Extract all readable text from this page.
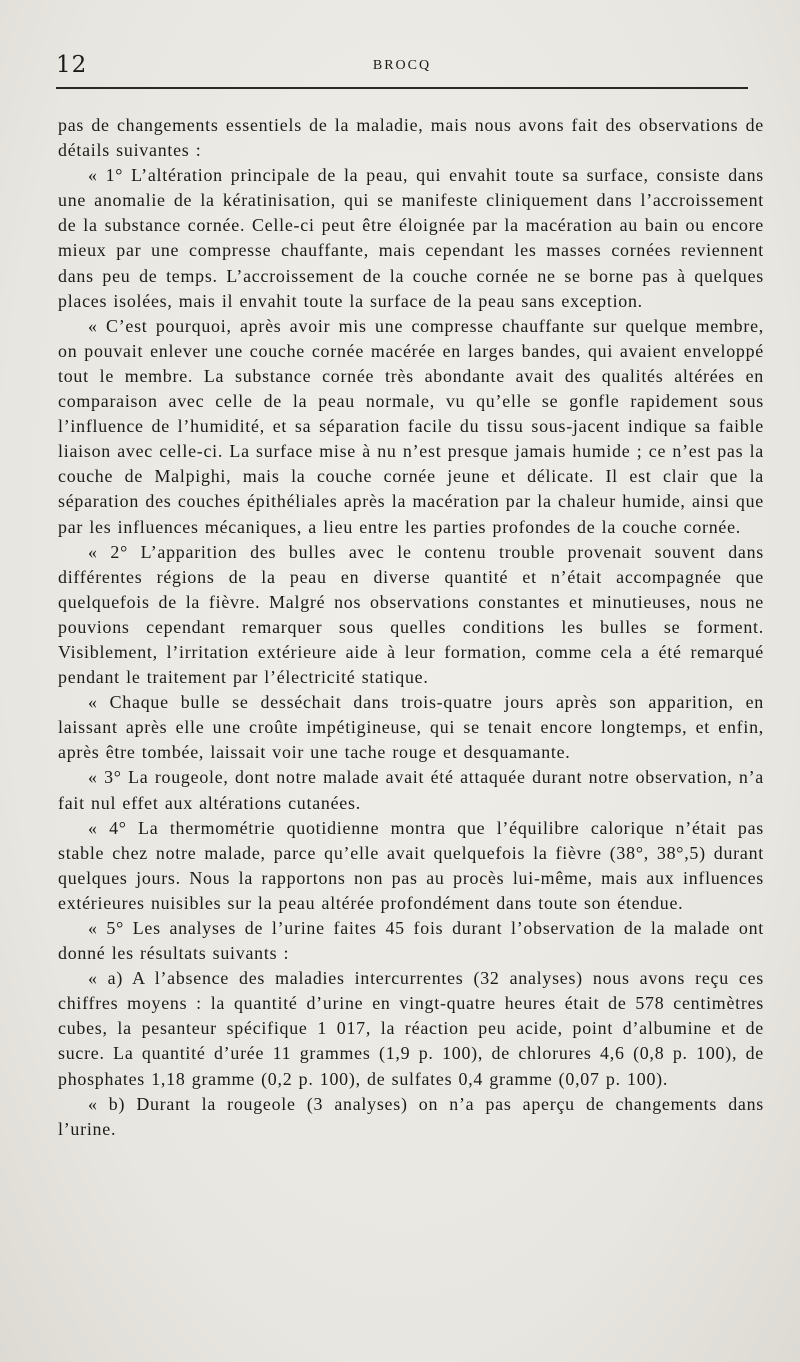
12	BROCQ

pas de changements essentiels de la maladie, mais nous avons fait des observations de détails suivantes :

« 1° L’altération principale de la peau, qui envahit toute sa surface, consiste dans une anomalie de la kératinisation, qui se manifeste cliniquement dans l’accroissement de la substance cornée. Celle-ci peut être éloignée par la macération au bain ou encore mieux par une compresse chauffante, mais cependant les masses cornées reviennent dans peu de temps. L’accroissement de la couche cornée ne se borne pas à quelques places isolées, mais il envahit toute la surface de la peau sans exception.

« C’est pourquoi, après avoir mis une compresse chauffante sur quelque membre, on pouvait enlever une couche cornée macérée en larges bandes, qui avaient enveloppé tout le membre. La substance cornée très abondante avait des qualités altérées en comparaison avec celle de la peau normale, vu qu’elle se gonfle rapidement sous l’influence de l’humidité, et sa séparation facile du tissu sous-jacent indique sa faible liaison avec celle-ci. La surface mise à nu n’est presque jamais humide ; ce n’est pas la couche de Malpighi, mais la couche cornée jeune et délicate. Il est clair que la séparation des couches épithéliales après la macération par la chaleur humide, ainsi que par les influences mécaniques, a lieu entre les parties profondes de la couche cornée.

« 2° L’apparition des bulles avec le contenu trouble provenait souvent dans différentes régions de la peau en diverse quantité et n’était accompagnée que quelquefois de la fièvre. Malgré nos observations constantes et minutieuses, nous ne pouvions cependant remarquer sous quelles conditions les bulles se forment. Visiblement, l’irritation extérieure aide à leur formation, comme cela a été remarqué pendant le traitement par l’électricité statique.

« Chaque bulle se desséchait dans trois-quatre jours après son apparition, en laissant après elle une croûte impétigineuse, qui se tenait encore longtemps, et enfin, après être tombée, laissait voir une tache rouge et desquamante.

« 3° La rougeole, dont notre malade avait été attaquée durant notre observation, n’a fait nul effet aux altérations cutanées.

« 4° La thermométrie quotidienne montra que l’équilibre calorique n’était pas stable chez notre malade, parce qu’elle avait quelquefois la fièvre (38°, 38°,5) durant quelques jours. Nous la rapportons non pas au procès lui-même, mais aux influences extérieures nuisibles sur la peau altérée profondément dans toute son étendue.

« 5° Les analyses de l’urine faites 45 fois durant l’observation de la malade ont donné les résultats suivants :

« a) A l’absence des maladies intercurrentes (32 analyses) nous avons reçu ces chiffres moyens : la quantité d’urine en vingt-quatre heures était de 578 centimètres cubes, la pesanteur spécifique 1 017, la réaction peu acide, point d’albumine et de sucre. La quantité d’urée 11 grammes (1,9 p. 100), de chlorures 4,6 (0,8 p. 100), de phosphates 1,18 gramme (0,2 p. 100), de sulfates 0,4 gramme (0,07 p. 100).

« b) Durant la rougeole (3 analyses) on n’a pas aperçu de changements dans l’urine.
